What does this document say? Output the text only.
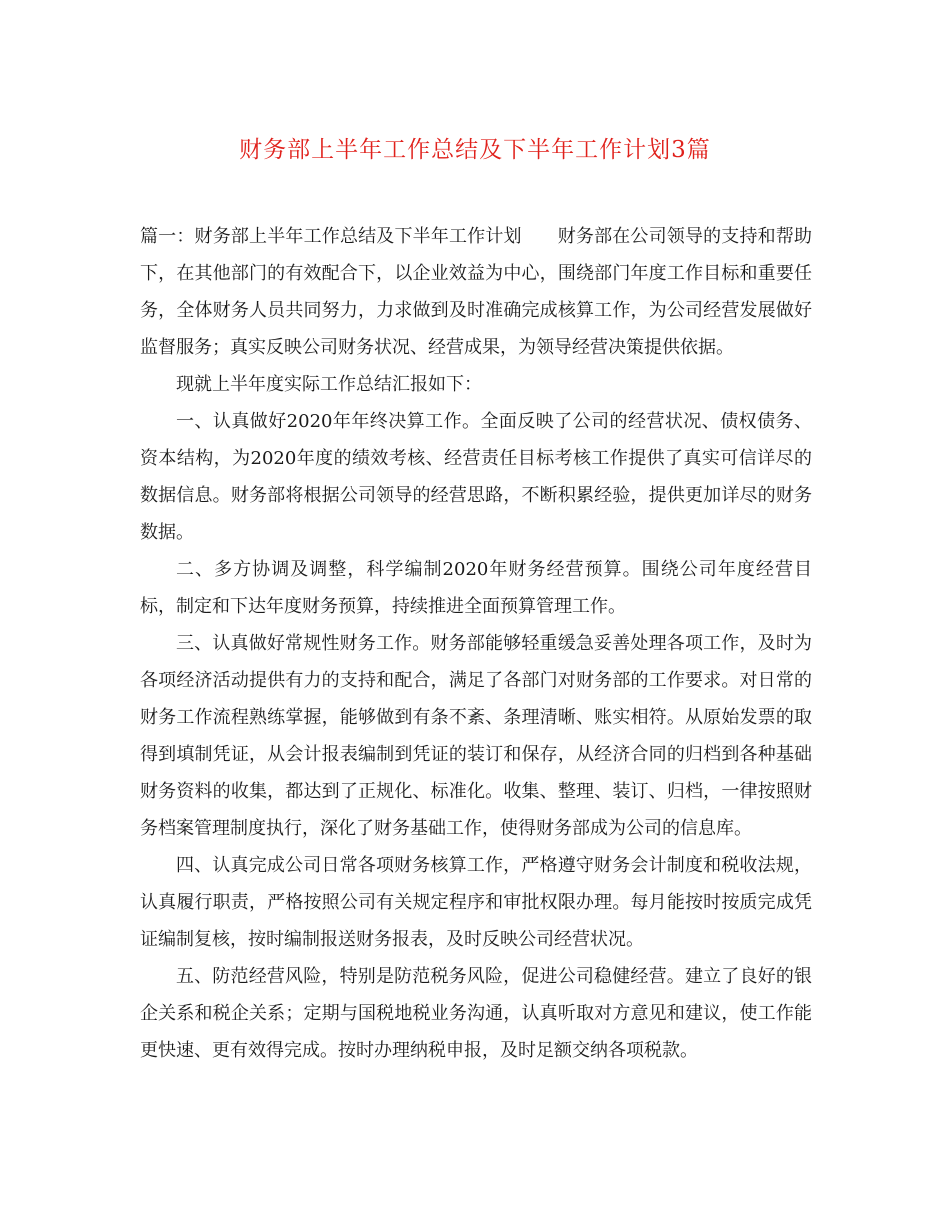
财务部上半年工作总结及下半年工作计划3篇

篇一：财务部上半年工作总结及下半年工作计划 财务部在公司领导的支持和帮助下，在其他部门的有效配合下，以企业效益为中心，围绕部门年度工作目标和重要任务，全体财务人员共同努力，力求做到及时准确完成核算工作，为公司经营发展做好监督服务；真实反映公司财务状况、经营成果，为领导经营决策提供依据。

现就上半年度实际工作总结汇报如下：

一、认真做好2020年年终决算工作。全面反映了公司的经营状况、债权债务、资本结构，为2020年度的绩效考核、经营责任目标考核工作提供了真实可信详尽的数据信息。财务部将根据公司领导的经营思路，不断积累经验，提供更加详尽的财务数据。

二、多方协调及调整，科学编制2020年财务经营预算。围绕公司年度经营目标，制定和下达年度财务预算，持续推进全面预算管理工作。

三、认真做好常规性财务工作。财务部能够轻重缓急妥善处理各项工作，及时为各项经济活动提供有力的支持和配合，满足了各部门对财务部的工作要求。对日常的财务工作流程熟练掌握，能够做到有条不紊、条理清晰、账实相符。从原始发票的取得到填制凭证，从会计报表编制到凭证的装订和保存，从经济合同的归档到各种基础财务资料的收集，都达到了正规化、标准化。收集、整理、装订、归档，一律按照财务档案管理制度执行，深化了财务基础工作，使得财务部成为公司的信息库。

四、认真完成公司日常各项财务核算工作，严格遵守财务会计制度和税收法规，认真履行职责，严格按照公司有关规定程序和审批权限办理。每月能按时按质完成凭证编制复核，按时编制报送财务报表，及时反映公司经营状况。

五、防范经营风险，特别是防范税务风险，促进公司稳健经营。建立了良好的银企关系和税企关系；定期与国税地税业务沟通，认真听取对方意见和建议，使工作能更快速、更有效得完成。按时办理纳税申报，及时足额交纳各项税款。
